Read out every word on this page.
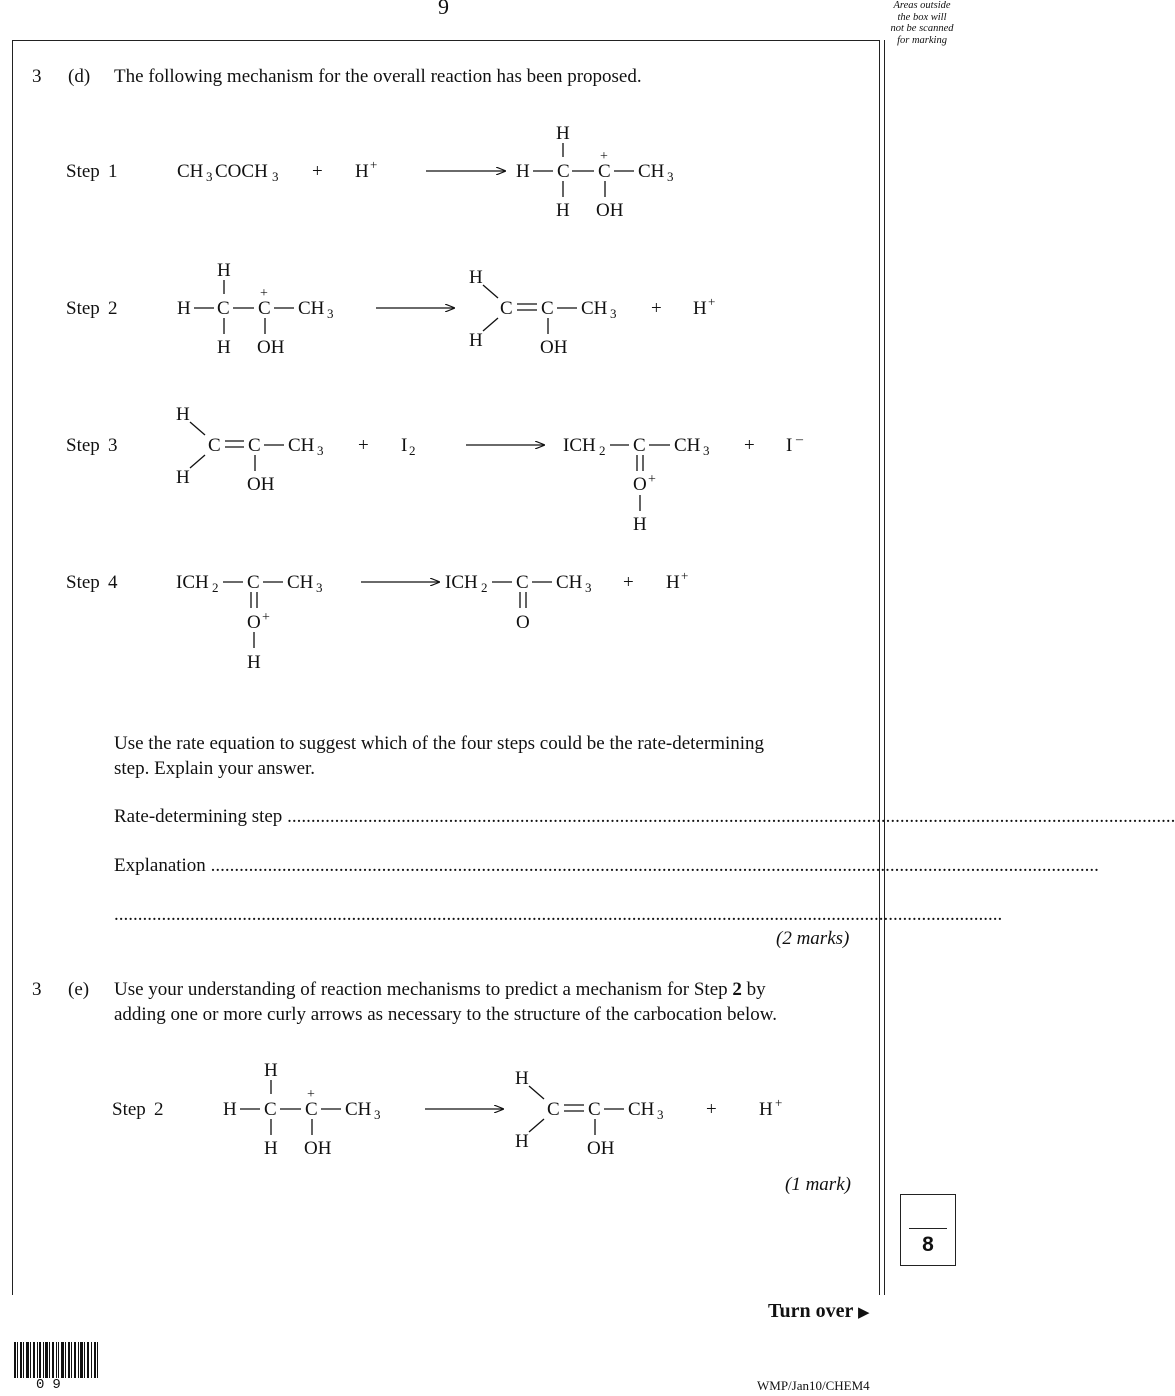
9	Areas outside
the box will
not be scanned
for marking
3 (d) The following mechanism for the overall reaction has been proposed.
Step 1	CH 3 COCH 3 + H +
H
H C
+
C CH 3
H OH
Step 2
H
H C
+
C CH 3
H OH
H
C C CH 3
H	OH
+ H +
Step 3
H
C C CH 3
H	OH
+ I 2	ICH 2 C CH 3
O +
H
+ I –
Step 4	ICH 2 C CH 3
O +
H
ICH 2 C CH 3
O
+ H +
Step 2
H
H C
+
C CH 3
H OH
H
C C CH 3
H	OH
+ H +
Use the rate equation to suggest which of the four steps could be the rate-determining
step. Explain your answer.
Rate-determining step ...........................................................................................................................................................................................
Explanation ...........................................................................................................................................................................................
...........................................................................................................................................................................................
(2 marks)
3 (e) Use your understanding of reaction mechanisms to predict a mechanism for Step 2 by
adding one or more curly arrows as necessary to the structure of the carbocation below.
(1 mark)
8
Turn over ▶
09	WMP/Jan10/CHEM4
